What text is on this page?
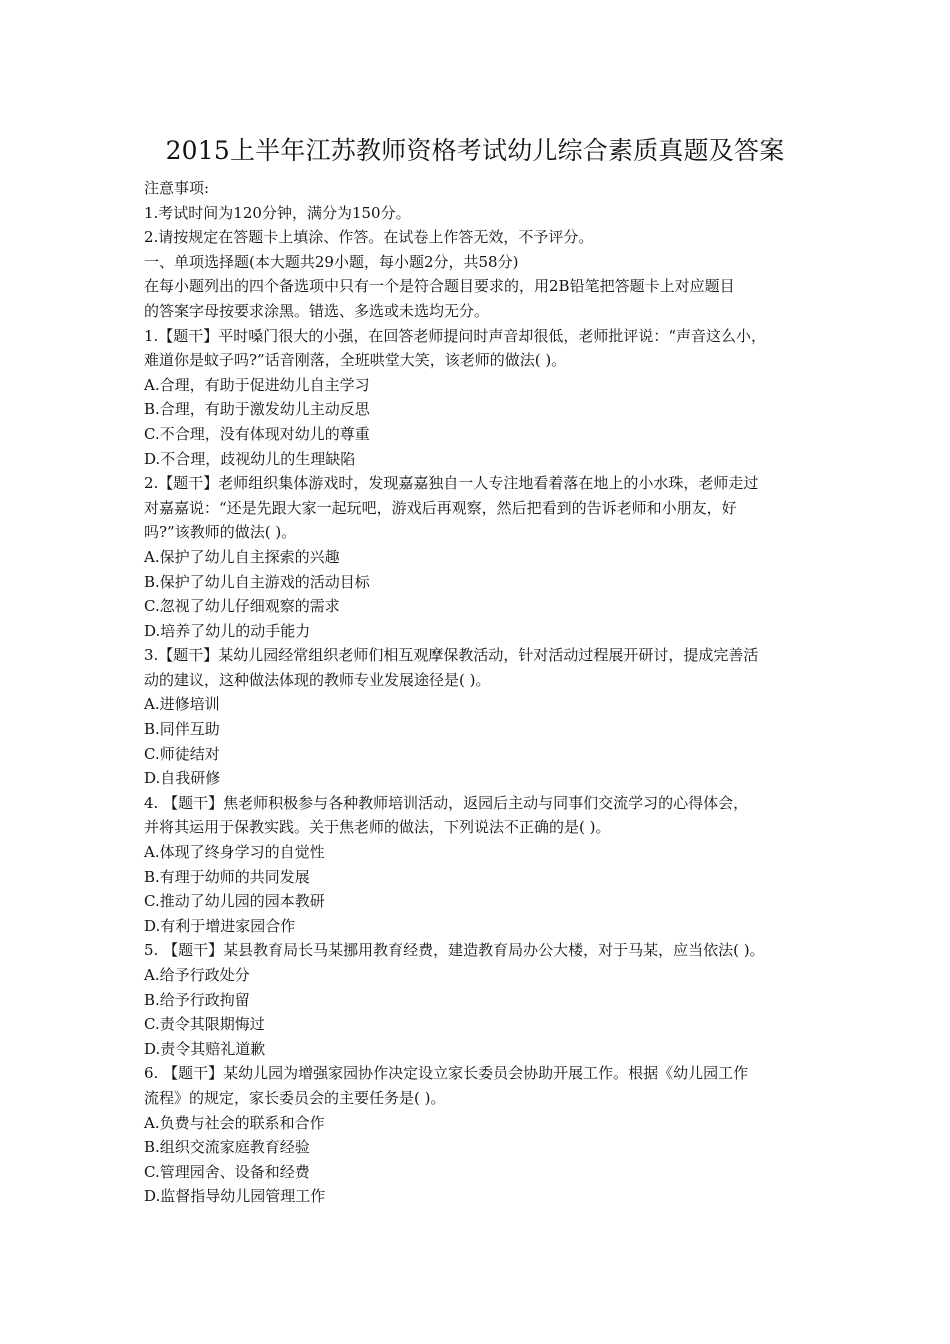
2015上半年江苏教师资格考试幼儿综合素质真题及答案
注意事项:
1.考试时间为120分钟，满分为150分。
2.请按规定在答题卡上填涂、作答。在试卷上作答无效，不予评分。
一、单项选择题(本大题共29小题，每小题2分，共58分)
在每小题列出的四个备选项中只有一个是符合题目要求的，用2B铅笔把答题卡上对应题目
的答案字母按要求涂黑。错选、多选或未选均无分。
1.【题干】平时嗓门很大的小强，在回答老师提问时声音却很低，老师批评说：“声音这么小，
难道你是蚊子吗?”话音刚落，全班哄堂大笑，该老师的做法( )。
A.合理，有助于促进幼儿自主学习
B.合理，有助于激发幼儿主动反思
C.不合理，没有体现对幼儿的尊重
D.不合理，歧视幼儿的生理缺陷
2.【题干】老师组织集体游戏时，发现嘉嘉独自一人专注地看着落在地上的小水珠，老师走过
对嘉嘉说：“还是先跟大家一起玩吧，游戏后再观察，然后把看到的告诉老师和小朋友，好
吗?”该教师的做法( )。
A.保护了幼儿自主探索的兴趣
B.保护了幼儿自主游戏的活动目标
C.忽视了幼儿仔细观察的需求
D.培养了幼儿的动手能力
3.【题干】某幼儿园经常组织老师们相互观摩保教活动，针对活动过程展开研讨，提成完善活
动的建议，这种做法体现的教师专业发展途径是( )。
A.进修培训
B.同伴互助
C.师徒结对
D.自我研修
4. 【题干】焦老师积极参与各种教师培训活动，返园后主动与同事们交流学习的心得体会，
并将其运用于保教实践。关于焦老师的做法，下列说法不正确的是( )。
A.体现了终身学习的自觉性
B.有理于幼师的共同发展
C.推动了幼儿园的园本教研
D.有利于增进家园合作
5. 【题干】某县教育局长马某挪用教育经费，建造教育局办公大楼，对于马某，应当依法( )。
A.给予行政处分
B.给予行政拘留
C.责令其限期悔过
D.责令其赔礼道歉
6. 【题干】某幼儿园为增强家园协作决定设立家长委员会协助开展工作。根据《幼儿园工作
流程》的规定，家长委员会的主要任务是( )。
A.负费与社会的联系和合作
B.组织交流家庭教育经验
C.管理园舍、设备和经费
D.监督指导幼儿园管理工作
